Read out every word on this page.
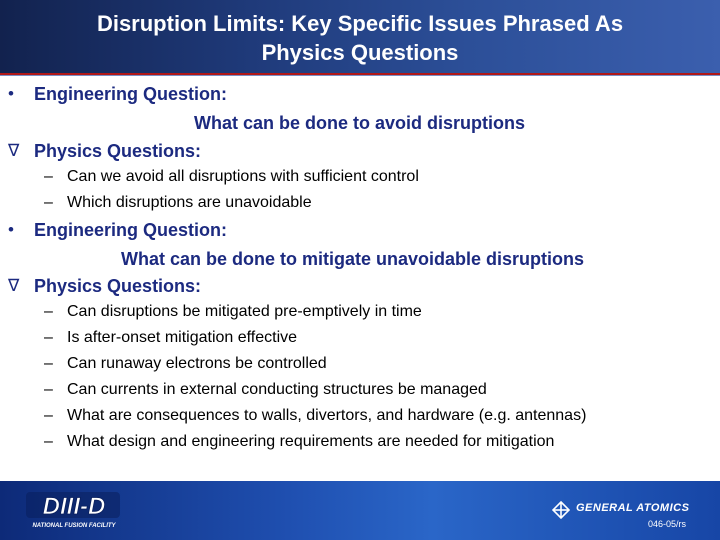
Disruption Limits: Key Specific Issues Phrased As
Physics Questions
• Engineering Question:
What can be done to avoid disruptions
∇ Physics Questions:
– Can we avoid all disruptions with sufficient control
– Which disruptions are unavoidable
• Engineering Question:
What can be done to mitigate unavoidable disruptions
∇ Physics Questions:
– Can disruptions be mitigated pre-emptively in time
– Is after-onset mitigation effective
– Can runaway electrons be controlled
– Can currents in external conducting structures be managed
– What are consequences to walls, divertors, and hardware (e.g. antennas)
– What design and engineering requirements are needed for mitigation
DIII-D
NATIONAL FUSION FACILITY
GENERAL ATOMICS
046-05/rs
